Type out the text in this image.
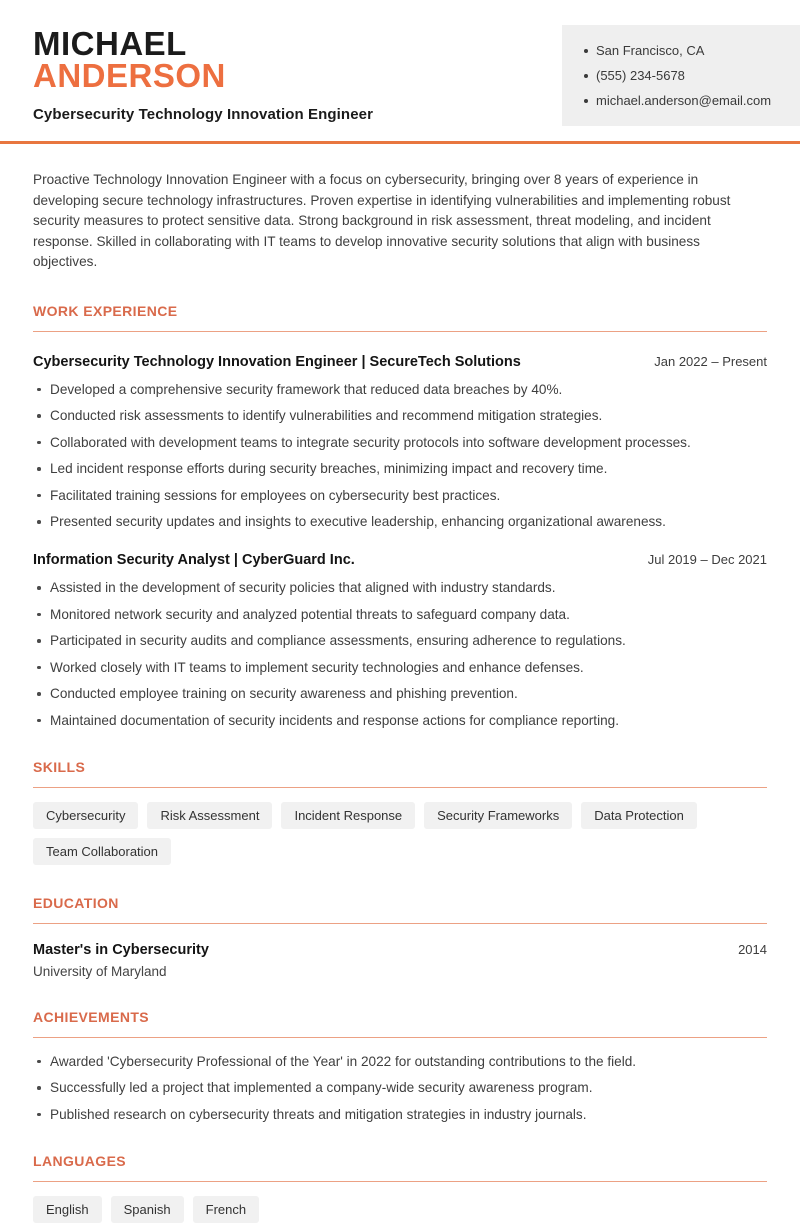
MICHAEL
ANDERSON
Cybersecurity Technology Innovation Engineer
San Francisco, CA
(555) 234-5678
michael.anderson@email.com

Proactive Technology Innovation Engineer with a focus on cybersecurity, bringing over 8 years of experience in developing secure technology infrastructures. Proven expertise in identifying vulnerabilities and implementing robust security measures to protect sensitive data. Strong background in risk assessment, threat modeling, and incident response. Skilled in collaborating with IT teams to develop innovative security solutions that align with business objectives.

WORK EXPERIENCE
Cybersecurity Technology Innovation Engineer | SecureTech Solutions	Jan 2022 – Present
Developed a comprehensive security framework that reduced data breaches by 40%.
Conducted risk assessments to identify vulnerabilities and recommend mitigation strategies.
Collaborated with development teams to integrate security protocols into software development processes.
Led incident response efforts during security breaches, minimizing impact and recovery time.
Facilitated training sessions for employees on cybersecurity best practices.
Presented security updates and insights to executive leadership, enhancing organizational awareness.
Information Security Analyst | CyberGuard Inc.	Jul 2019 – Dec 2021
Assisted in the development of security policies that aligned with industry standards.
Monitored network security and analyzed potential threats to safeguard company data.
Participated in security audits and compliance assessments, ensuring adherence to regulations.
Worked closely with IT teams to implement security technologies and enhance defenses.
Conducted employee training on security awareness and phishing prevention.
Maintained documentation of security incidents and response actions for compliance reporting.
SKILLS
Cybersecurity	Risk Assessment	Incident Response	Security Frameworks	Data Protection
Team Collaboration
EDUCATION
Master's in Cybersecurity	2014
University of Maryland
ACHIEVEMENTS
Awarded 'Cybersecurity Professional of the Year' in 2022 for outstanding contributions to the field.
Successfully led a project that implemented a company-wide security awareness program.
Published research on cybersecurity threats and mitigation strategies in industry journals.
LANGUAGES
English	Spanish	French
